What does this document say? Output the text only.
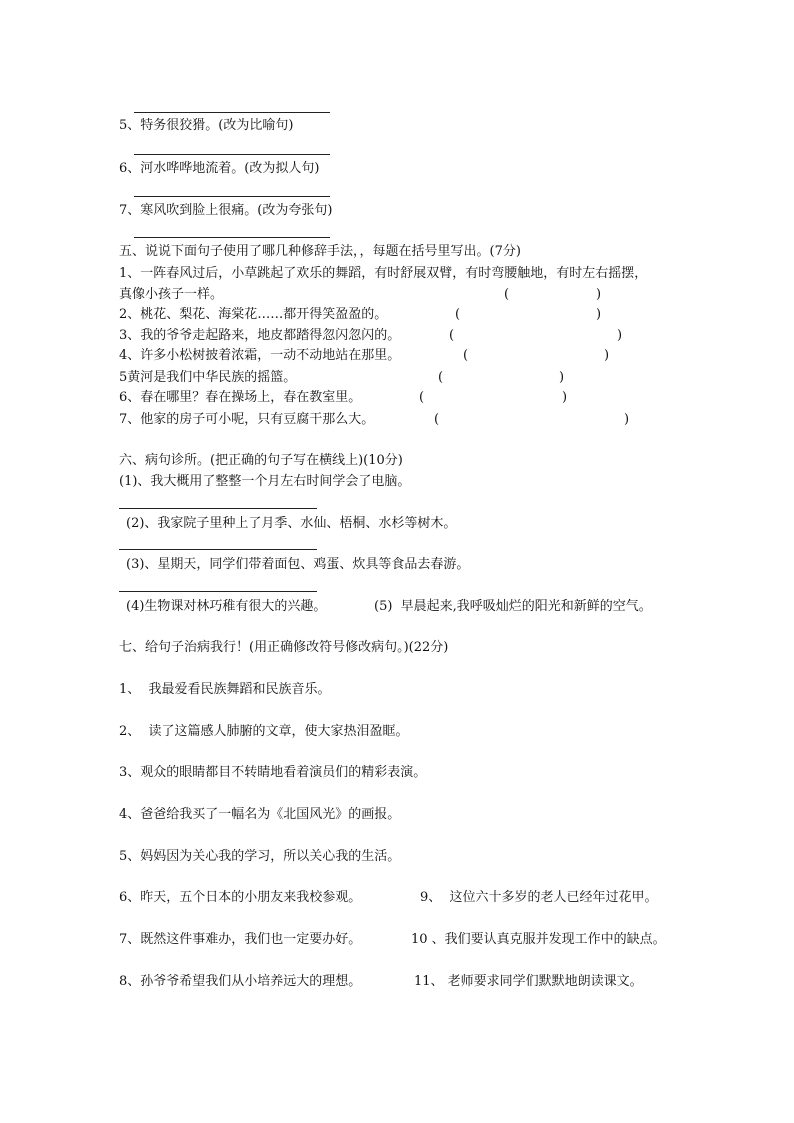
5、特务很狡猾。(改为比喻句)
6、河水哗哗地流着。(改为拟人句)
7、寒风吹到脸上很痛。(改为夸张句)
五、说说下面句子使用了哪几种修辞手法，，每题在括号里写出。(7分)
1、一阵春风过后，小草跳起了欢乐的舞蹈，有时舒展双臂，有时弯腰触地，有时左右摇摆，
真像小孩子一样。	(	)
2、桃花、梨花、海棠花……都开得笑盈盈的。	(	)
3、我的爷爷走起路来，地皮都踏得忽闪忽闪的。	(	)
4、许多小松树披着浓霜，一动不动地站在那里。	(	)
5黄河是我们中华民族的摇篮。	(	)
6、春在哪里？春在操场上，春在教室里。	(	)
7、他家的房子可小呢，只有豆腐干那么大。	(	)
六、病句诊所。(把正确的句子写在横线上)(10分)
(1)、我大概用了整整一个月左右时间学会了电脑。
(2)、我家院子里种上了月季、水仙、梧桐、水杉等树木。
(3)、星期天，同学们带着面包、鸡蛋、炊具等食品去春游。
(4)生物课对林巧稚有很大的兴趣。	(5)  早晨起来,我呼吸灿烂的阳光和新鲜的空气。
七、给句子治病我行！(用正确修改符号修改病句。)(22分)
1、  我最爱看民族舞蹈和民族音乐。
2、  读了这篇感人肺腑的文章，使大家热泪盈眶。
3、观众的眼睛都目不转睛地看着演员们的精彩表演。
4、爸爸给我买了一幅名为《北国风光》的画报。
5、妈妈因为关心我的学习，所以关心我的生活。
6、昨天，五个日本的小朋友来我校参观。	9、  这位六十多岁的老人已经年过花甲。
7、既然这件事难办，我们也一定要办好。	10 、我们要认真克服并发现工作中的缺点。
8、孙爷爷希望我们从小培养远大的理想。	11、 老师要求同学们默默地朗读课文。
